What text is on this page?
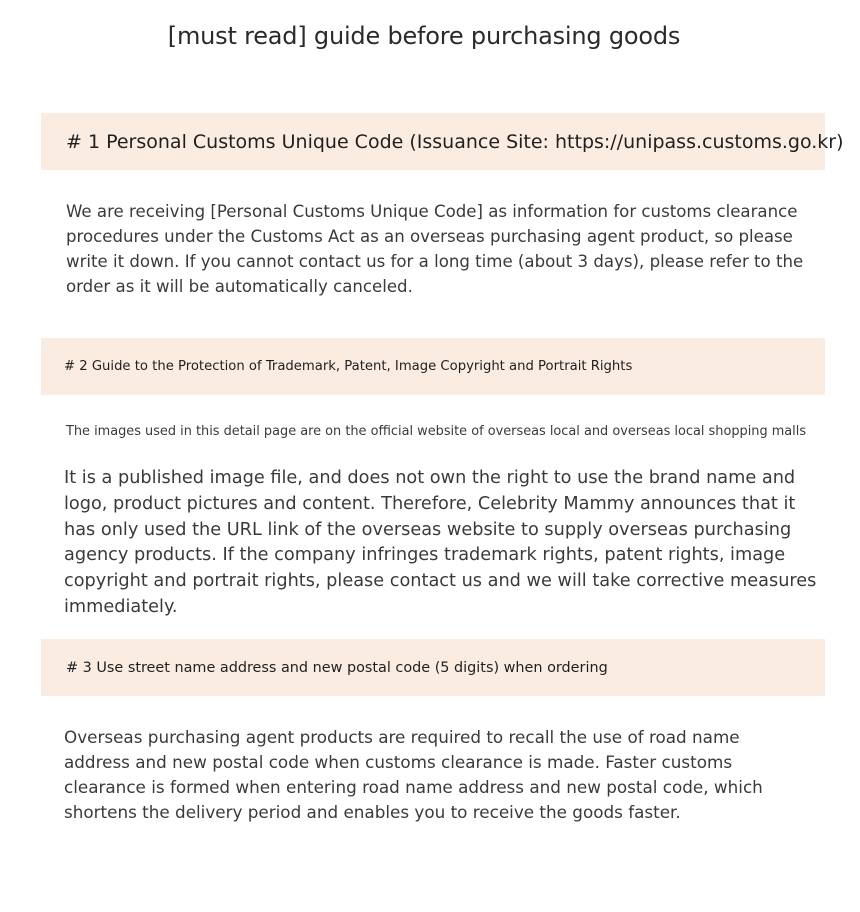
[must read] guide before purchasing goods
# 1 Personal Customs Unique Code (Issuance Site: https://unipass.customs.go.kr)

We are receiving [Personal Customs Unique Code] as information for customs clearance procedures under the Customs Act as an overseas purchasing agent product, so please write it down. If you cannot contact us for a long time (about 3 days), please refer to the order as it will be automatically canceled.

# 2 Guide to the Protection of Trademark, Patent, Image Copyright and Portrait Rights

The images used in this detail page are on the official website of overseas local and overseas local shopping malls

It is a published image file, and does not own the right to use the brand name and logo, product pictures and content. Therefore, Celebrity Mammy announces that it has only used the URL link of the overseas website to supply overseas purchasing agency products. If the company infringes trademark rights, patent rights, image copyright and portrait rights, please contact us and we will take corrective measures immediately.

# 3 Use street name address and new postal code (5 digits) when ordering

Overseas purchasing agent products are required to recall the use of road name address and new postal code when customs clearance is made. Faster customs clearance is formed when entering road name address and new postal code, which shortens the delivery period and enables you to receive the goods faster.
